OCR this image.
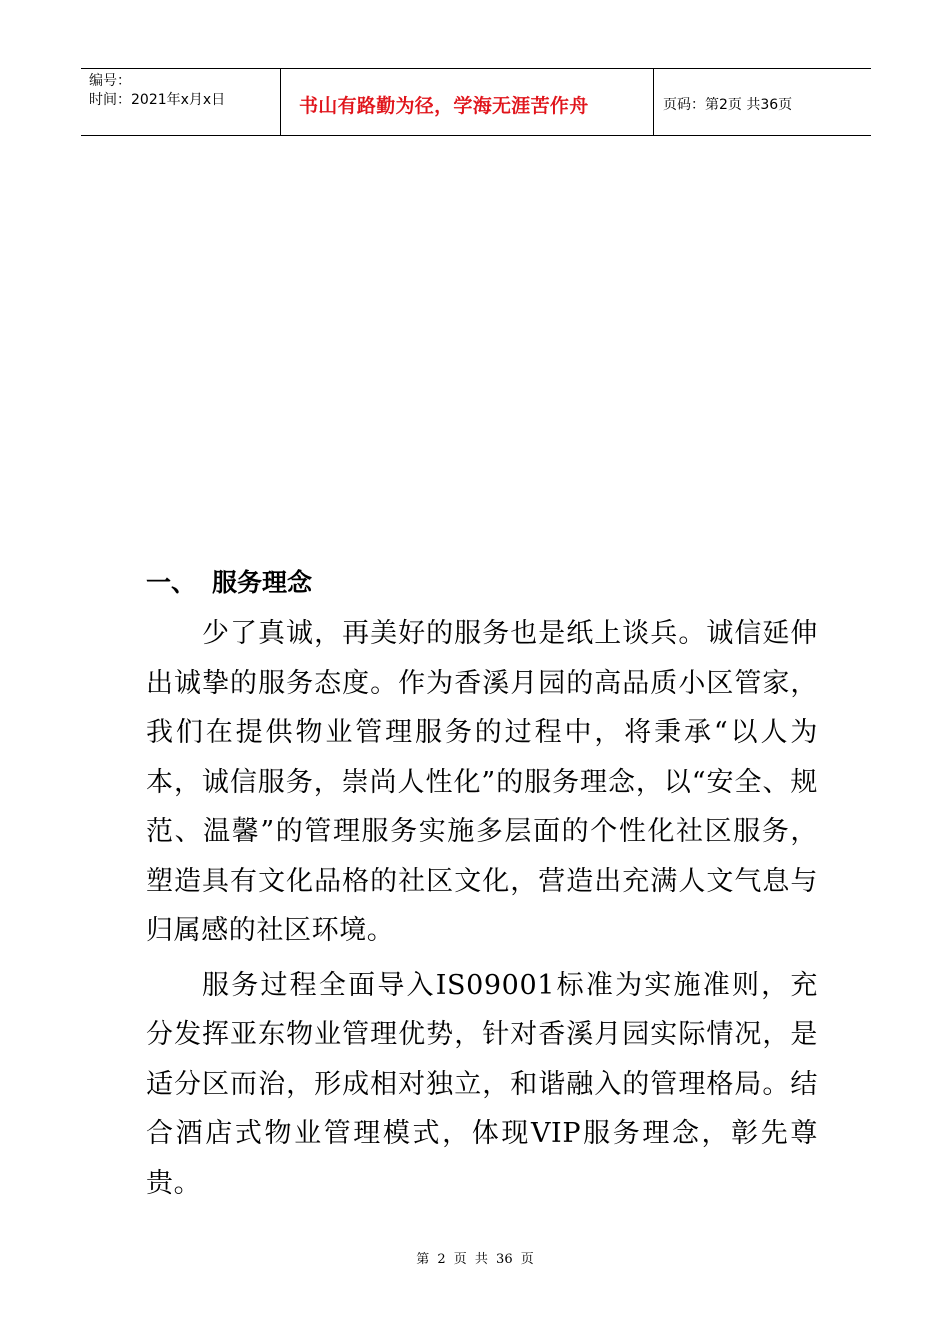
编号：
时间：2021年x月x日	书山有路勤为径，学海无涯苦作舟	页码：第2页 共36页
一、 服务理念

少了真诚，再美好的服务也是纸上谈兵。诚信延伸出诚挚的服务态度。作为香溪月园的高品质小区管家，我们在提供物业管理服务的过程中，将秉承“以人为本，诚信服务，崇尚人性化”的服务理念，以“安全、规范、温馨”的管理服务实施多层面的个性化社区服务，塑造具有文化品格的社区文化，营造出充满人文气息与归属感的社区环境。

服务过程全面导入IS09001标准为实施准则，充分发挥亚东物业管理优势，针对香溪月园实际情况，是适分区而治，形成相对独立，和谐融入的管理格局。结合酒店式物业管理模式，体现VIP服务理念，彰先尊贵。

第 2 页 共 36 页
